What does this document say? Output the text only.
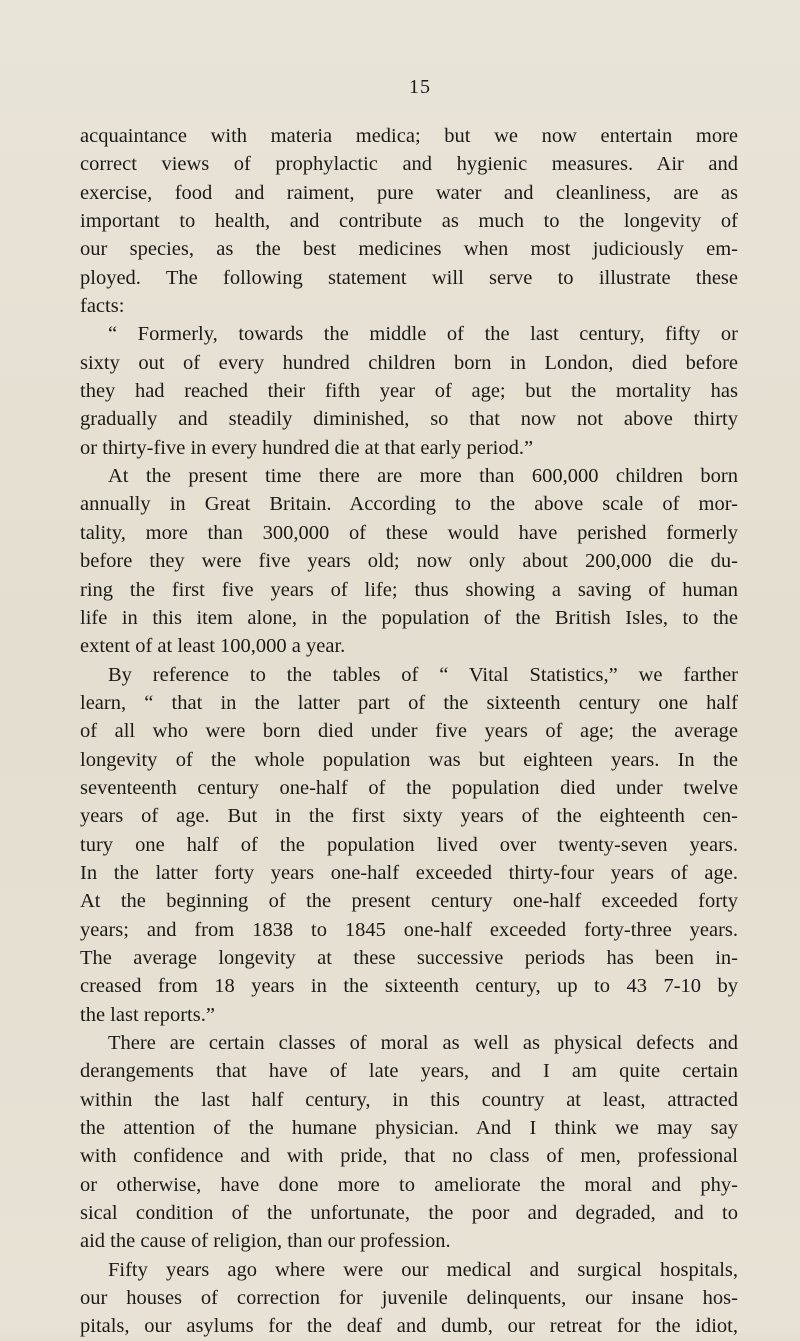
15
acquaintance with materia medica; but we now entertain more
correct views of prophylactic and hygienic measures. Air and
exercise, food and raiment, pure water and cleanliness, are as
important to health, and contribute as much to the longevity of
our species, as the best medicines when most judiciously em-
ployed. The following statement will serve to illustrate these
facts:
“ Formerly, towards the middle of the last century, fifty or
sixty out of every hundred children born in London, died before
they had reached their fifth year of age; but the mortality has
gradually and steadily diminished, so that now not above thirty
or thirty-five in every hundred die at that early period.”
At the present time there are more than 600,000 children born
annually in Great Britain. According to the above scale of mor-
tality, more than 300,000 of these would have perished formerly
before they were five years old; now only about 200,000 die du-
ring the first five years of life; thus showing a saving of human
life in this item alone, in the population of the British Isles, to the
extent of at least 100,000 a year.
By reference to the tables of “ Vital Statistics,” we farther
learn, “ that in the latter part of the sixteenth century one half
of all who were born died under five years of age; the average
longevity of the whole population was but eighteen years. In the
seventeenth century one-half of the population died under twelve
years of age. But in the first sixty years of the eighteenth cen-
tury one half of the population lived over twenty-seven years.
In the latter forty years one-half exceeded thirty-four years of age.
At the beginning of the present century one-half exceeded forty
years; and from 1838 to 1845 one-half exceeded forty-three years.
The average longevity at these successive periods has been in-
creased from 18 years in the sixteenth century, up to 43 7-10 by
the last reports.”
There are certain classes of moral as well as physical defects and
derangements that have of late years, and I am quite certain
within the last half century, in this country at least, attracted
the attention of the humane physician. And I think we may say
with confidence and with pride, that no class of men, professional
or otherwise, have done more to ameliorate the moral and phy-
sical condition of the unfortunate, the poor and degraded, and to
aid the cause of religion, than our profession.
Fifty years ago where were our medical and surgical hospitals,
our houses of correction for juvenile delinquents, our insane hos-
pitals, our asylums for the deaf and dumb, our retreat for the idiot,
